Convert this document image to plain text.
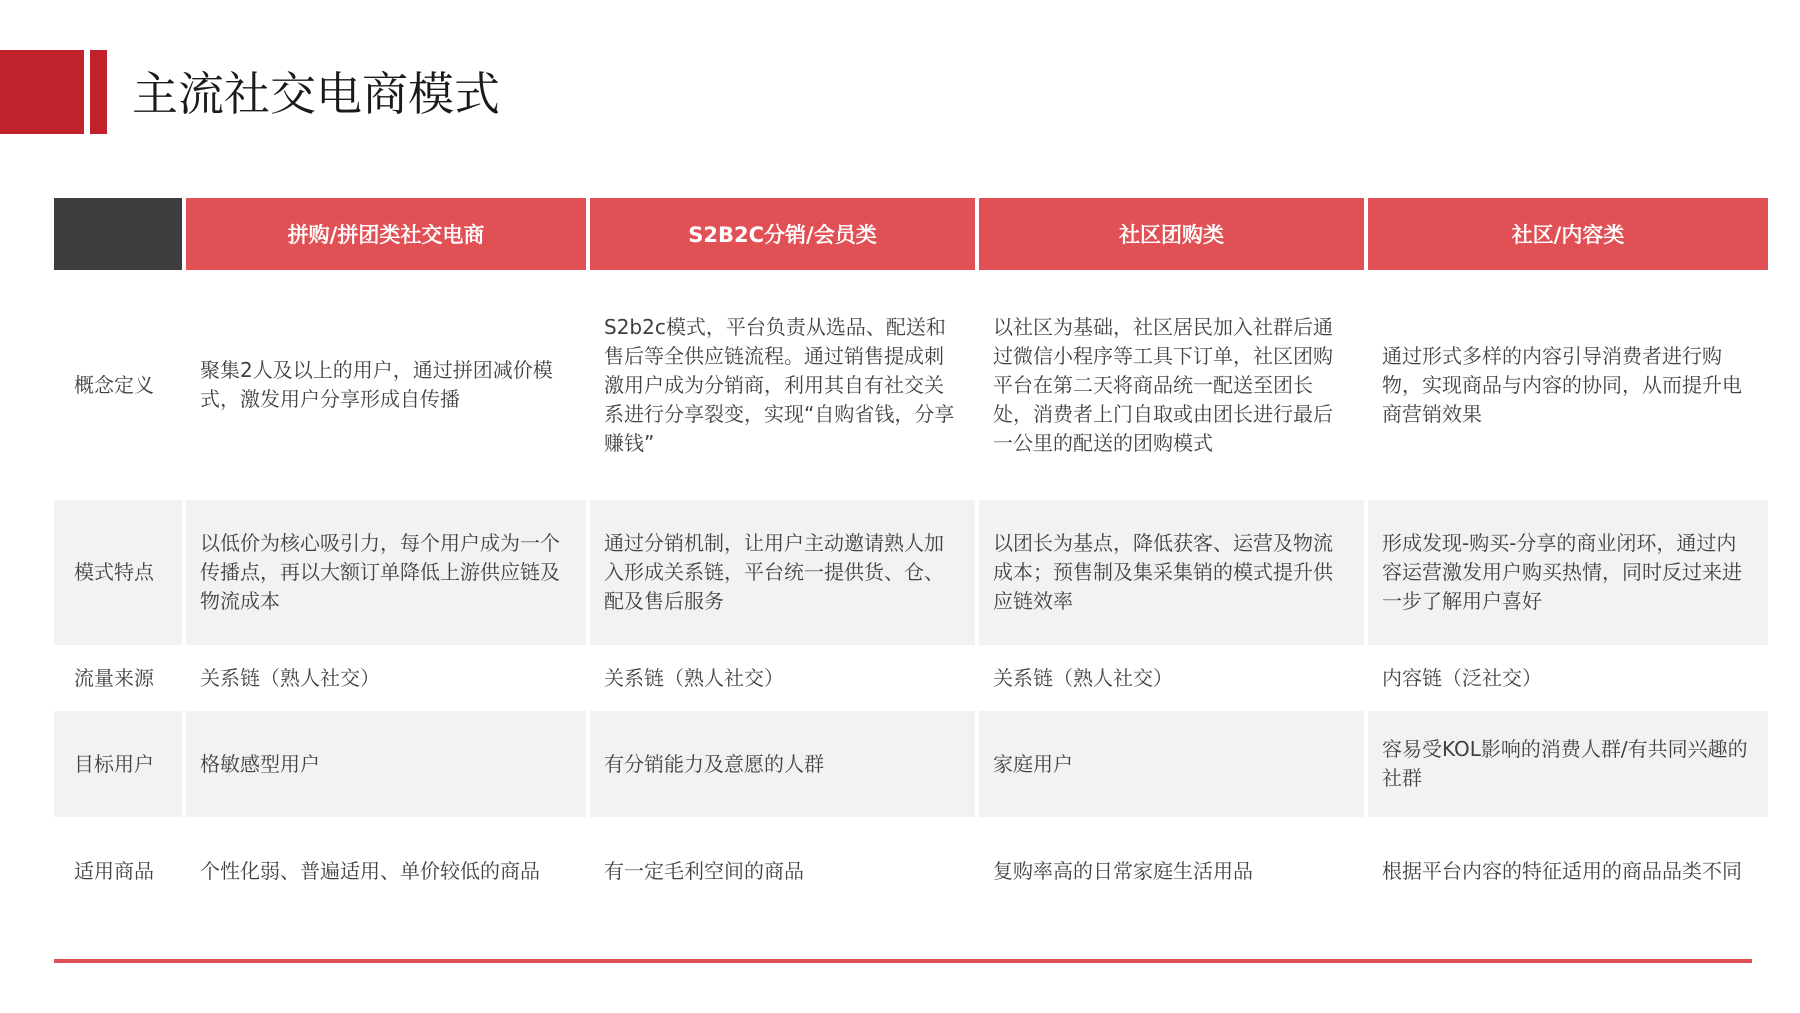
主流社交电商模式
	拼购/拼团类社交电商	S2B2C分销/会员类	社区团购类	社区/内容类
概念定义	聚集2人及以上的用户，通过拼团减价模式，激发用户分享形成自传播	S2b2c模式，平台负责从选品、配送和售后等全供应链流程。通过销售提成刺激用户成为分销商，利用其自有社交关系进行分享裂变，实现“自购省钱，分享赚钱”	以社区为基础，社区居民加入社群后通过微信小程序等工具下订单，社区团购平台在第二天将商品统一配送至团长处，消费者上门自取或由团长进行最后一公里的配送的团购模式	通过形式多样的内容引导消费者进行购物，实现商品与内容的协同，从而提升电商营销效果
模式特点	以低价为核心吸引力，每个用户成为一个传播点，再以大额订单降低上游供应链及物流成本	通过分销机制，让用户主动邀请熟人加入形成关系链，平台统一提供货、仓、配及售后服务	以团长为基点，降低获客、运营及物流成本；预售制及集采集销的模式提升供应链效率	形成发现-购买-分享的商业闭环，通过内容运营激发用户购买热情，同时反过来进一步了解用户喜好
流量来源	关系链（熟人社交）	关系链（熟人社交）	关系链（熟人社交）	内容链（泛社交）
目标用户	格敏感型用户	有分销能力及意愿的人群	家庭用户	容易受KOL影响的消费人群/有共同兴趣的社群
适用商品	个性化弱、普遍适用、单价较低的商品	有一定毛利空间的商品	复购率高的日常家庭生活用品	根据平台内容的特征适用的商品品类不同
